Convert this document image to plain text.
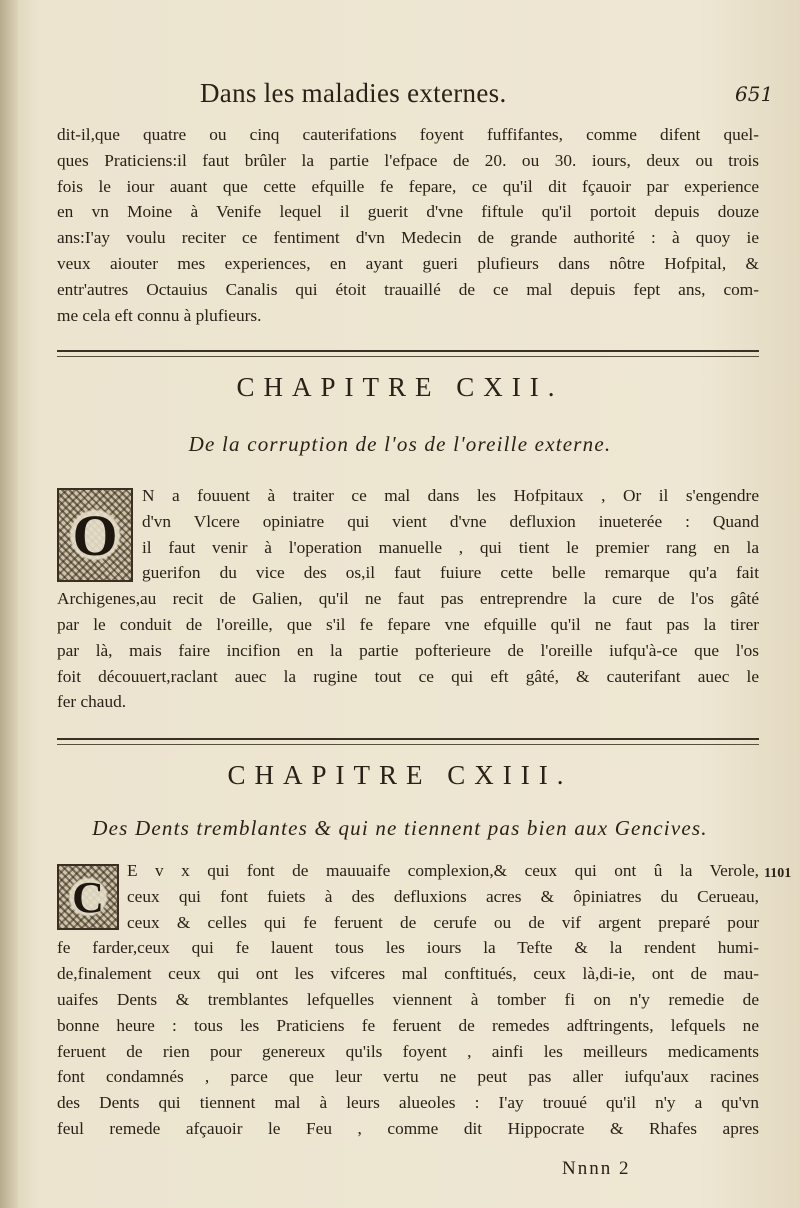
Dans les maladies externes.	651
dit-il,que quatre ou cinq cauterifations foyent fuffifantes, comme difent quel-
ques Praticiens:il faut brûler la partie l'efpace de 20. ou 30. iours, deux ou trois
fois le iour auant que cette efquille fe fepare, ce qu'il dit fçauoir par experience
en vn Moine à Venife lequel il guerit d'vne fiftule qu'il portoit depuis douze
ans:I'ay voulu reciter ce fentiment d'vn Medecin de grande authorité : à quoy ie
veux aiouter mes experiences, en ayant gueri plufieurs dans nôtre Hofpital, &
entr'autres Octauius Canalis qui étoit trauaillé de ce mal depuis fept ans, com-
me cela eft connu à plufieurs.
CHAPITRE CXII.
De la corruption de l'os de l'oreille externe.
O
N a fouuent à traiter ce mal dans les Hofpitaux , Or il s'engendre
d'vn Vlcere opiniatre qui vient d'vne defluxion inueterée : Quand
il faut venir à l'operation manuelle , qui tient le premier rang en la
guerifon du vice des os,il faut fuiure cette belle remarque qu'a fait
Archigenes,au recit de Galien, qu'il ne faut pas entreprendre la cure de l'os gâté
par le conduit de l'oreille, que s'il fe fepare vne efquille qu'il ne faut pas la tirer
par là, mais faire incifion en la partie pofterieure de l'oreille iufqu'à-ce que l'os
foit découuert,raclant auec la rugine tout ce qui eft gâté, & cauterifant auec le
fer chaud.
CHAPITRE CXIII.
Des Dents tremblantes & qui ne tiennent pas bien aux Gencives.
C	1101
E v x qui font de mauuaife complexion,& ceux qui ont û la Verole,
ceux qui font fuiets à des defluxions acres & ôpiniatres du Cerueau,
ceux & celles qui fe feruent de cerufe ou de vif argent preparé pour
fe farder,ceux qui fe lauent tous les iours la Tefte & la rendent humi-
de,finalement ceux qui ont les vifceres mal conftitués, ceux là,di-ie, ont de mau-
uaifes Dents & tremblantes lefquelles viennent à tomber fi on n'y remedie de
bonne heure : tous les Praticiens fe feruent de remedes adftringents, lefquels ne
feruent de rien pour genereux qu'ils foyent , ainfi les meilleurs medicaments
font condamnés , parce que leur vertu ne peut pas aller iufqu'aux racines
des Dents qui tiennent mal à leurs alueoles : I'ay trouué qu'il n'y a qu'vn
feul remede afçauoir le Feu , comme dit Hippocrate & Rhafes apres
Nnnn 2
